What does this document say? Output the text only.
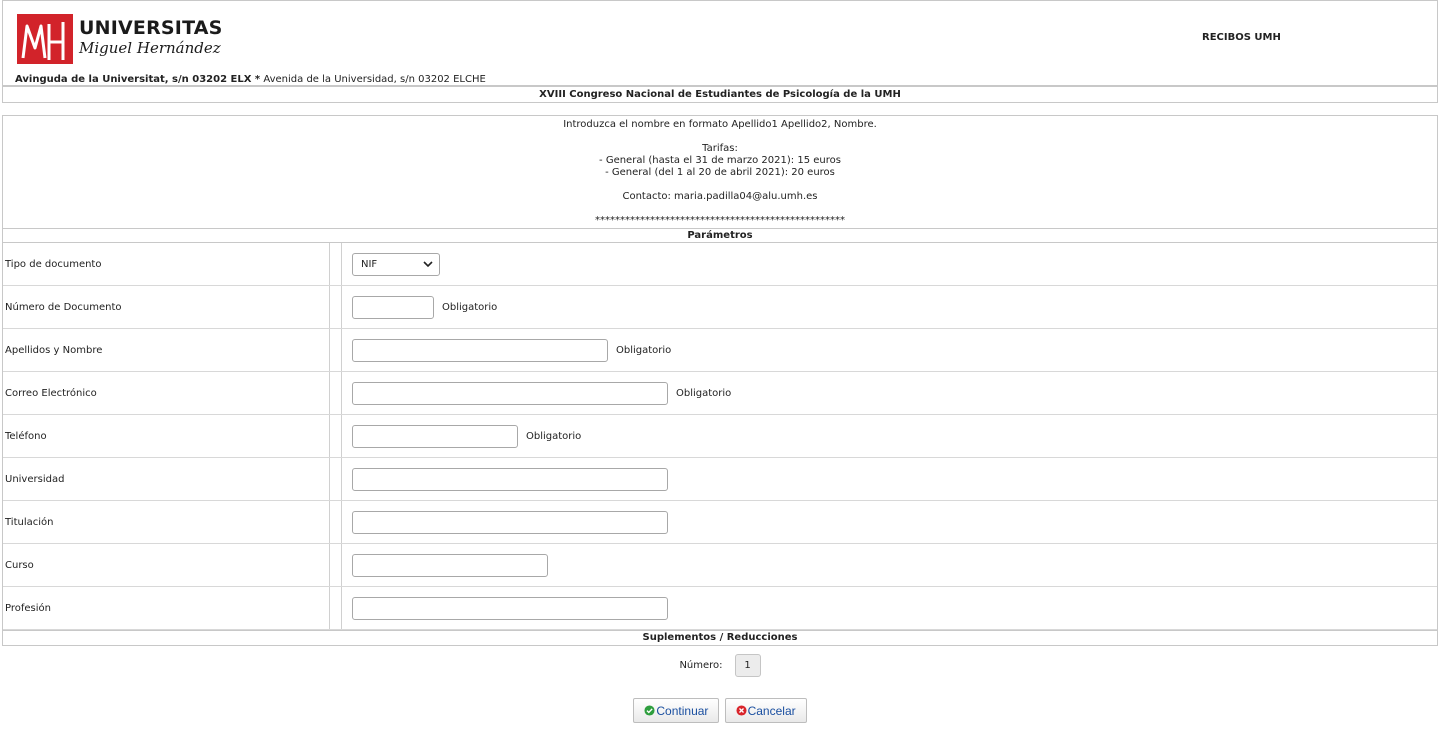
UNIVERSITAS
Miguel Hernández
Avinguda de la Universitat, s/n 03202 ELX * Avenida de la Universidad, s/n 03202 ELCHE
RECIBOS UMH
XVIII Congreso Nacional de Estudiantes de Psicología de la UMH
Introduzca el nombre en formato Apellido1 Apellido2, Nombre.
Tarifas:
- General (hasta el 31 de marzo 2021): 15 euros
- General (del 1 al 20 de abril 2021): 20 euros
Contacto: maria.padilla04@alu.umh.es
**************************************************
Parámetros
Tipo de documento	NIF
Número de Documento	Obligatorio
Apellidos y Nombre	Obligatorio
Correo Electrónico	Obligatorio
Teléfono	Obligatorio
Universidad
Titulación
Curso
Profesión
Suplementos / Reducciones
Número:	1
Continuar
	Cancelar
